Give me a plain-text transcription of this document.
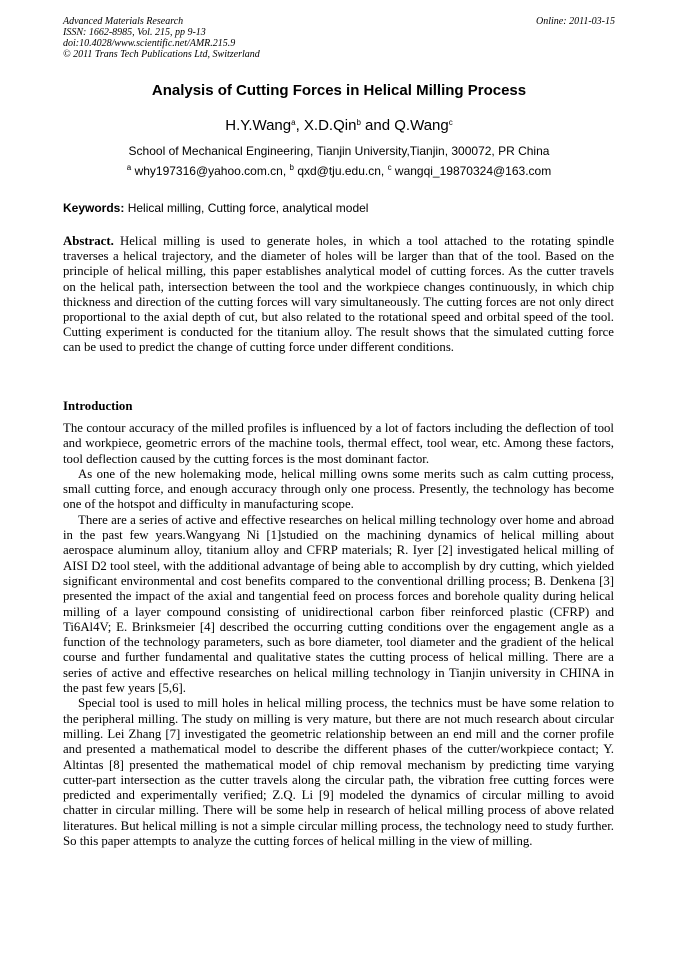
Advanced Materials Research
ISSN: 1662-8985, Vol. 215, pp 9-13
doi:10.4028/www.scientific.net/AMR.215.9
© 2011 Trans Tech Publications Ltd, Switzerland
Online: 2011-03-15
Analysis of Cutting Forces in Helical Milling Process
H.Y.Wang$^a$, X.D.Qin$^b$ and Q.Wang$^c$
School of Mechanical Engineering, Tianjin University,Tianjin, 300072, PR China
$^a$ why197316@yahoo.com.cn, $^b$ qxd@tju.edu.cn, $^c$ wangqi_19870324@163.com
Keywords: Helical milling, Cutting force, analytical model

Abstract. Helical milling is used to generate holes, in which a tool attached to the rotating spindle traverses a helical trajectory, and the diameter of holes will be larger than that of the tool. Based on the principle of helical milling, this paper establishes analytical model of cutting forces. As the cutter travels on the helical path, intersection between the tool and the workpiece changes continuously, in which chip thickness and direction of the cutting forces will vary simultaneously. The cutting forces are not only direct proportional to the axial depth of cut, but also related to the rotational speed and orbital speed of the tool. Cutting experiment is conducted for the titanium alloy. The result shows that the simulated cutting force can be used to predict the change of cutting force under different conditions.

Introduction

The contour accuracy of the milled profiles is influenced by a lot of factors including the deflection of tool and workpiece, geometric errors of the machine tools, thermal effect, tool wear, etc. Among these factors, tool deflection caused by the cutting forces is the most dominant factor.

As one of the new holemaking mode, helical milling owns some merits such as calm cutting process, small cutting force, and enough accuracy through only one process. Presently, the technology has become one of the hotspot and difficulty in manufacturing scope.

There are a series of active and effective researches on helical milling technology over home and abroad in the past few years.Wangyang Ni [1]studied on the machining dynamics of helical milling about aerospace aluminum alloy, titanium alloy and CFRP materials; R. Iyer [2] investigated helical milling of AISI D2 tool steel, with the additional advantage of being able to accomplish by dry cutting, which yielded significant environmental and cost benefits compared to the conventional drilling process; B. Denkena [3] presented the impact of the axial and tangential feed on process forces and borehole quality during helical milling of a layer compound consisting of unidirectional carbon fiber reinforced plastic (CFRP) and Ti6Al4V; E. Brinksmeier [4] described the occurring cutting conditions over the engagement angle as a function of the technology parameters, such as bore diameter, tool diameter and the gradient of the helical course and further fundamental and qualitative states the cutting process of helical milling. There are a series of active and effective researches on helical milling technology in Tianjin university in CHINA in the past few years [5,6].

Special tool is used to mill holes in helical milling process, the technics must be have some relation to the peripheral milling. The study on milling is very mature, but there are not much research about circular milling. Lei Zhang [7] investigated the geometric relationship between an end mill and the corner profile and presented a mathematical model to describe the different phases of the cutter/workpiece contact; Y. Altintas [8] presented the mathematical model of chip removal mechanism by predicting time varying cutter-part intersection as the cutter travels along the circular path, the vibration free cutting forces were predicted and experimentally verified; Z.Q. Li [9] modeled the dynamics of circular milling to avoid chatter in circular milling. There will be some help in research of helical milling process of above related literatures. But helical milling is not a simple circular milling process, the technology need to study further. So this paper attempts to analyze the cutting forces of helical milling in the view of milling.
